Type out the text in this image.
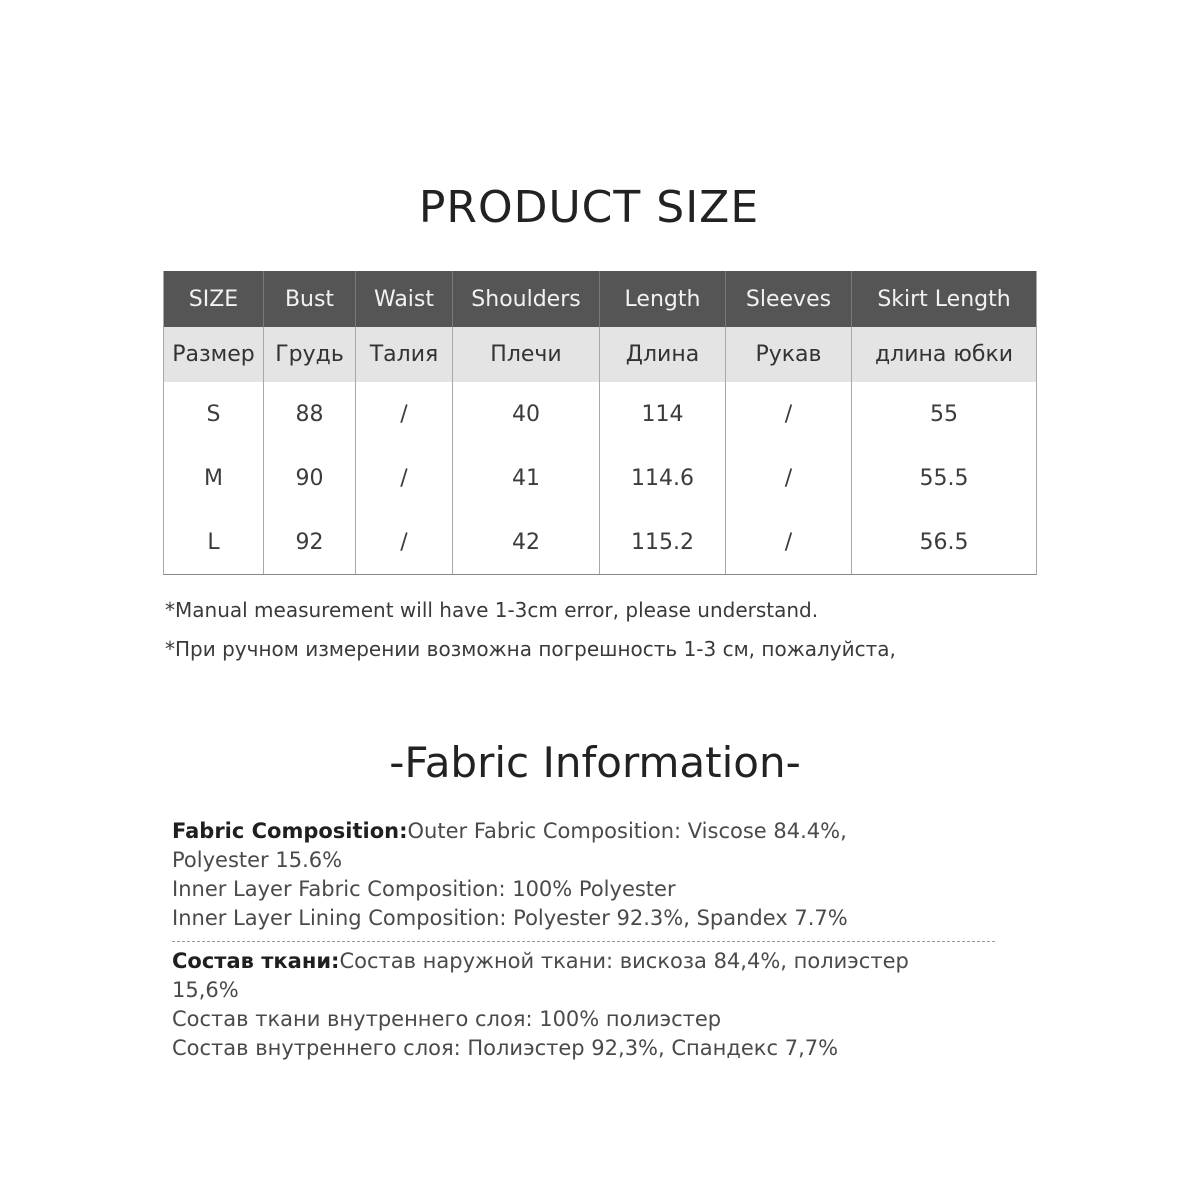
PRODUCT SIZE
SIZE	Bust	Waist	Shoulders	Length	Sleeves	Skirt Length
Размер	Грудь	Талия	Плечи	Длина	Рукав	длина юбки
S	88	/	40	114	/	55
M	90	/	41	114.6	/	55.5
L	92	/	42	115.2	/	56.5

*Manual measurement will have 1-3cm error, please understand.

*При ручном измерении возможна погрешность 1-3 см, пожалуйста,

-Fabric Information-

Fabric Composition:Outer Fabric Composition: Viscose 84.4%,

Polyester 15.6%

Inner Layer Fabric Composition: 100% Polyester

Inner Layer Lining Composition: Polyester 92.3%, Spandex 7.7%

Состав ткани:Состав наружной ткани: вискоза 84,4%, полиэстер

15,6%

Состав ткани внутреннего слоя: 100% полиэстер

Состав внутреннего слоя: Полиэстер 92,3%, Спандекс 7,7%
